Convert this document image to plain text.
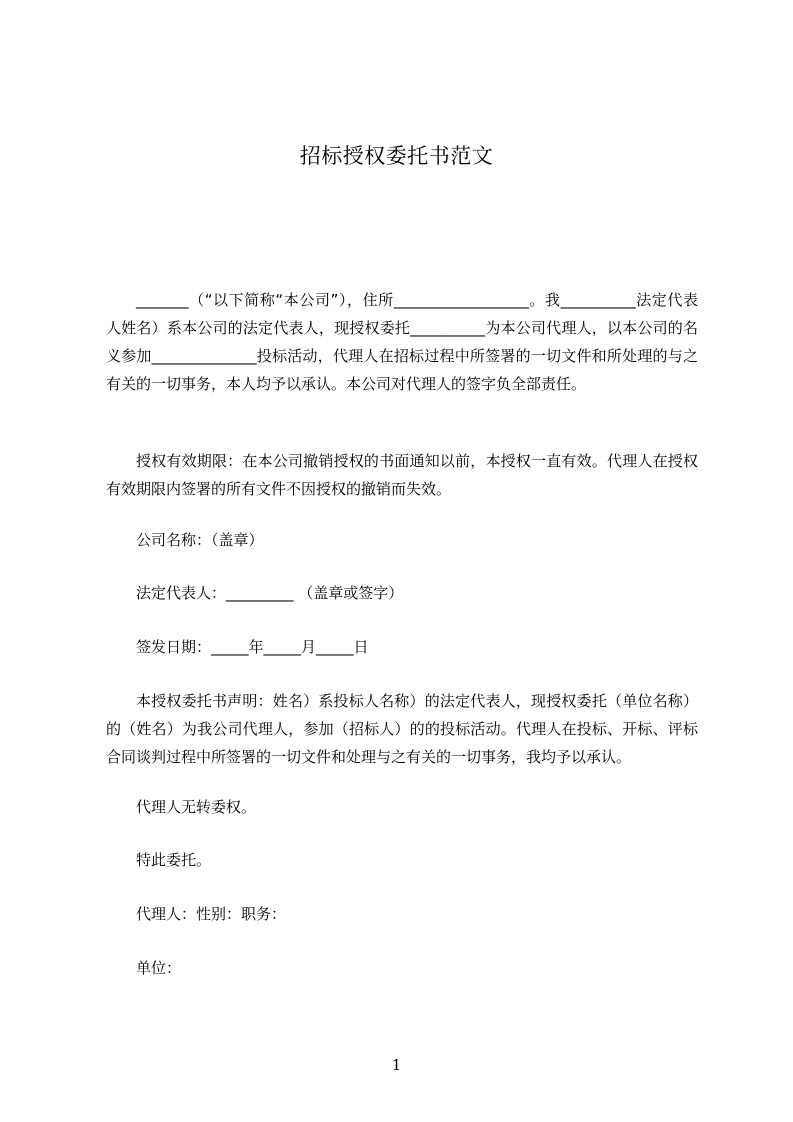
招标授权委托书范文

_______（“以下简称“本公司”），住所__________________。我__________法定代表人姓名）系本公司的法定代表人，现授权委托__________为本公司代理人，以本公司的名义参加______________投标活动，代理人在招标过程中所签署的一切文件和所处理的与之有关的一切事务，本人均予以承认。本公司对代理人的签字负全部责任。

授权有效期限：在本公司撤销授权的书面通知以前，本授权一直有效。代理人在授权有效期限内签署的所有文件不因授权的撤销而失效。

公司名称：（盖章）

法定代表人：_________ （盖章或签字）

签发日期：_____年_____月_____日

本授权委托书声明：姓名）系投标人名称）的法定代表人，现授权委托（单位名称）的（姓名）为我公司代理人，参加（招标人）的的投标活动。代理人在投标、开标、评标合同谈判过程中所签署的一切文件和处理与之有关的一切事务，我均予以承认。

代理人无转委权。

特此委托。

代理人：性别：职务：

单位：

1
